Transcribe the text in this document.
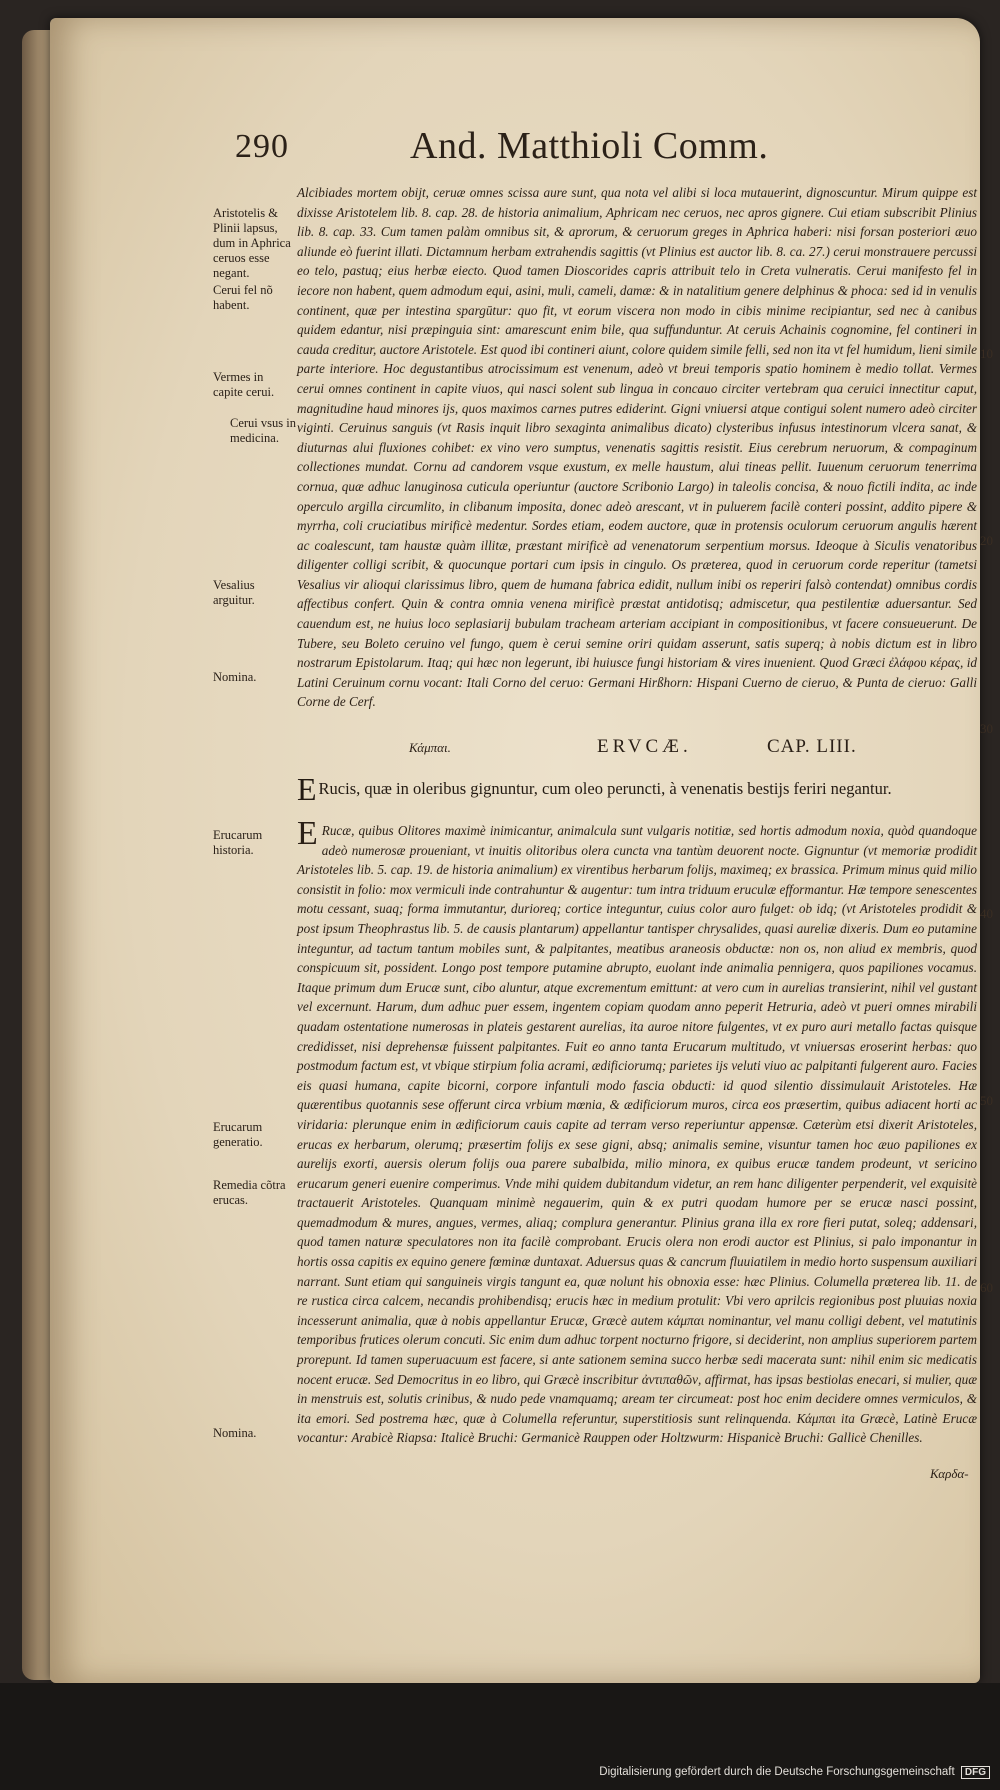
290	And. Matthioli Comm.
Aristotelis & Plinii lapsus, dum in Aphrica ceruos esse negant.
Cerui fel nõ habent.
Vermes in capite cerui.
Cerui vsus in medicina.
Vesalius arguitur.
Nomina.
Erucarum historia.
Erucarum generatio.
Remedia cõtra erucas.
Nomina.
10
20
30
40
50
60
Alcibiades mortem obijt, ceruæ omnes scissa aure sunt, qua nota vel alibi si loca mutauerint, dignoscuntur. Mirum quippe est dixisse Aristotelem lib. 8. cap. 28. de historia animalium, Aphricam nec ceruos, nec apros gignere. Cui etiam subscribit Plinius lib. 8. cap. 33. Cum tamen palàm omnibus sit, & aprorum, & ceruorum greges in Aphrica haberi: nisi forsan posteriori æuo aliunde eò fuerint illati. Dictamnum herbam extrahendis sagittis (vt Plinius est auctor lib. 8. ca. 27.) cerui monstrauere percussi eo telo, pastuq; eius herbæ eiecto. Quod tamen Dioscorides capris attribuit telo in Creta vulneratis. Cerui manifesto fel in iecore non habent, quem admodum equi, asini, muli, cameli, damæ: & in natalitium genere delphinus & phoca: sed id in venulis continent, quæ per intestina spargūtur: quo fit, vt eorum viscera non modo in cibis minime recipiantur, sed nec à canibus quidem edantur, nisi præpinguia sint: amarescunt enim bile, qua suffunduntur. At ceruis Achainis cognomine, fel contineri in cauda creditur, auctore Aristotele. Est quod ibi contineri aiunt, colore quidem simile felli, sed non ita vt fel humidum, lieni simile parte interiore. Hoc degustantibus atrocissimum est venenum, adeò vt breui temporis spatio hominem è medio tollat. Vermes cerui omnes continent in capite viuos, qui nasci solent sub lingua in concauo circiter vertebram qua ceruici innectitur caput, magnitudine haud minores ijs, quos maximos carnes putres ediderint. Gigni vniuersi atque contigui solent numero adeò circiter viginti. Ceruinus sanguis (vt Rasis inquit libro sexaginta animalibus dicato) clysteribus infusus intestinorum vlcera sanat, & diuturnas alui fluxiones cohibet: ex vino vero sumptus, venenatis sagittis resistit. Eius cerebrum neruorum, & compaginum collectiones mundat. Cornu ad candorem vsque exustum, ex melle haustum, alui tineas pellit. Iuuenum ceruorum tenerrima cornua, quæ adhuc lanuginosa cuticula operiuntur (auctore Scribonio Largo) in taleolis concisa, & nouo fictili indita, ac inde operculo argilla circumlito, in clibanum imposita, donec adeò arescant, vt in puluerem facilè conteri possint, addito pipere & myrrha, coli cruciatibus mirificè medentur. Sordes etiam, eodem auctore, quæ in protensis oculorum ceruorum angulis hærent ac coalescunt, tam haustæ quàm illitæ, præstant mirificè ad venenatorum serpentium morsus. Ideoque à Siculis venatoribus diligenter colligi scribit, & quocunque portari cum ipsis in cingulo. Os præterea, quod in ceruorum corde reperitur (tametsi Vesalius vir alioqui clarissimus libro, quem de humana fabrica edidit, nullum inibi os reperiri falsò contendat) omnibus cordis affectibus confert. Quin & contra omnia venena mirificè præstat antidotisq; admiscetur, qua pestilentiæ aduersantur. Sed cauendum est, ne huius loco seplasiarij bubulam tracheam arteriam accipiant in compositionibus, vt facere consueuerunt. De Tubere, seu Boleto ceruino vel fungo, quem è cerui semine oriri quidam asserunt, satis superq; à nobis dictum est in libro nostrarum Epistolarum. Itaq; qui hæc non legerunt, ibi huiusce fungi historiam & vires inuenient. Quod Græci ἐλάφου κέρας, id Latini Ceruinum cornu vocant: Itali Corno del ceruo: Germani Hirßhorn: Hispani Cuerno de cieruo, & Punta de cieruo: Galli Corne de Cerf.
Κάμπαι.	ERVCÆ.	CAP. LIII.
E Rucis, quæ in oleribus gignuntur, cum oleo peruncti, à venenatis bestijs feriri negantur.
E Rucæ, quibus Olitores maximè inimicantur, animalcula sunt vulgaris notitiæ, sed hortis admodum noxia, quòd quandoque adeò numerosæ proueniant, vt inuitis olitoribus olera cuncta vna tantùm deuorent nocte. Gignuntur (vt memoriæ prodidit Aristoteles lib. 5. cap. 19. de historia animalium) ex virentibus herbarum folijs, maximeq; ex brassica. Primum minus quid milio consistit in folio: mox vermiculi inde contrahuntur & augentur: tum intra triduum eruculæ efformantur. Hæ tempore senescentes motu cessant, suaq; forma immutantur, durioreq; cortice integuntur, cuius color auro fulget: ob idq; (vt Aristoteles prodidit & post ipsum Theophrastus lib. 5. de causis plantarum) appellantur tantisper chrysalides, quasi aureliæ dixeris. Dum eo putamine integuntur, ad tactum tantum mobiles sunt, & palpitantes, meatibus araneosis obductæ: non os, non aliud ex membris, quod conspicuum sit, possident. Longo post tempore putamine abrupto, euolant inde animalia pennigera, quos papiliones vocamus. Itaque primum dum Erucæ sunt, cibo aluntur, atque excrementum emittunt: at vero cum in aurelias transierint, nihil vel gustant vel excernunt. Harum, dum adhuc puer essem, ingentem copiam quodam anno peperit Hetruria, adeò vt pueri omnes mirabili quadam ostentatione numerosas in plateis gestarent aurelias, ita auroe nitore fulgentes, vt ex puro auri metallo factas quisque credidisset, nisi deprehensæ fuissent palpitantes. Fuit eo anno tanta Erucarum multitudo, vt vniuersas eroserint herbas: quo postmodum factum est, vt vbique stirpium folia acrami, ædificiorumq; parietes ijs veluti viuo ac palpitanti fulgerent auro. Facies eis quasi humana, capite bicorni, corpore infantuli modo fascia obducti: id quod silentio dissimulauit Aristoteles. Hæ quærentibus quotannis sese offerunt circa vrbium mœnia, & ædificiorum muros, circa eos præsertim, quibus adiacent horti ac viridaria: plerunque enim in ædificiorum cauis capite ad terram verso reperiuntur appensæ. Cæterùm etsi dixerit Aristoteles, erucas ex herbarum, olerumq; præsertim folijs ex sese gigni, absq; animalis semine, visuntur tamen hoc æuo papiliones ex aurelijs exorti, auersis olerum folijs oua parere subalbida, milio minora, ex quibus erucæ tandem prodeunt, vt sericino erucarum generi euenire comperimus. Vnde mihi quidem dubitandum videtur, an rem hanc diligenter perpenderit, vel exquisitè tractauerit Aristoteles. Quanquam minimè negauerim, quin & ex putri quodam humore per se erucæ nasci possint, quemadmodum & mures, angues, vermes, aliaq; complura generantur. Plinius grana illa ex rore fieri putat, soleq; addensari, quod tamen naturæ speculatores non ita facilè comprobant. Erucis olera non erodi auctor est Plinius, si palo imponantur in hortis ossa capitis ex equino genere fœminæ duntaxat. Aduersus quas & cancrum fluuiatilem in medio horto suspensum auxiliari narrant. Sunt etiam qui sanguineis virgis tangunt ea, quæ nolunt his obnoxia esse: hæc Plinius. Columella præterea lib. 11. de re rustica circa calcem, necandis prohibendisq; erucis hæc in medium protulit: Vbi vero aprilcis regionibus post pluuias noxia incesserunt animalia, quæ à nobis appellantur Erucæ, Græcè autem κάμπαι nominantur, vel manu colligi debent, vel matutinis temporibus frutices olerum concuti. Sic enim dum adhuc torpent nocturno frigore, si deciderint, non amplius superiorem partem prorepunt. Id tamen superuacuum est facere, si ante sationem semina succo herbæ sedi macerata sunt: nihil enim sic medicatis nocent erucæ. Sed Democritus in eo libro, qui Græcè inscribitur ἀντιπαθῶν, affirmat, has ipsas bestiolas enecari, si mulier, quæ in menstruis est, solutis crinibus, & nudo pede vnamquamq; aream ter circumeat: post hoc enim decidere omnes vermiculos, & ita emori. Sed postrema hæc, quæ à Columella referuntur, superstitiosis sunt relinquenda. Κάμπαι ita Græcè, Latinè Erucæ vocantur: Arabicè Riapsa: Italicè Bruchi: Germanicè Rauppen oder Holtzwurm: Hispanicè Bruchi: Gallicè Chenilles.
Καρδα-
Digitalisierung gefördert durch die Deutsche Forschungsgemeinschaft DFG
